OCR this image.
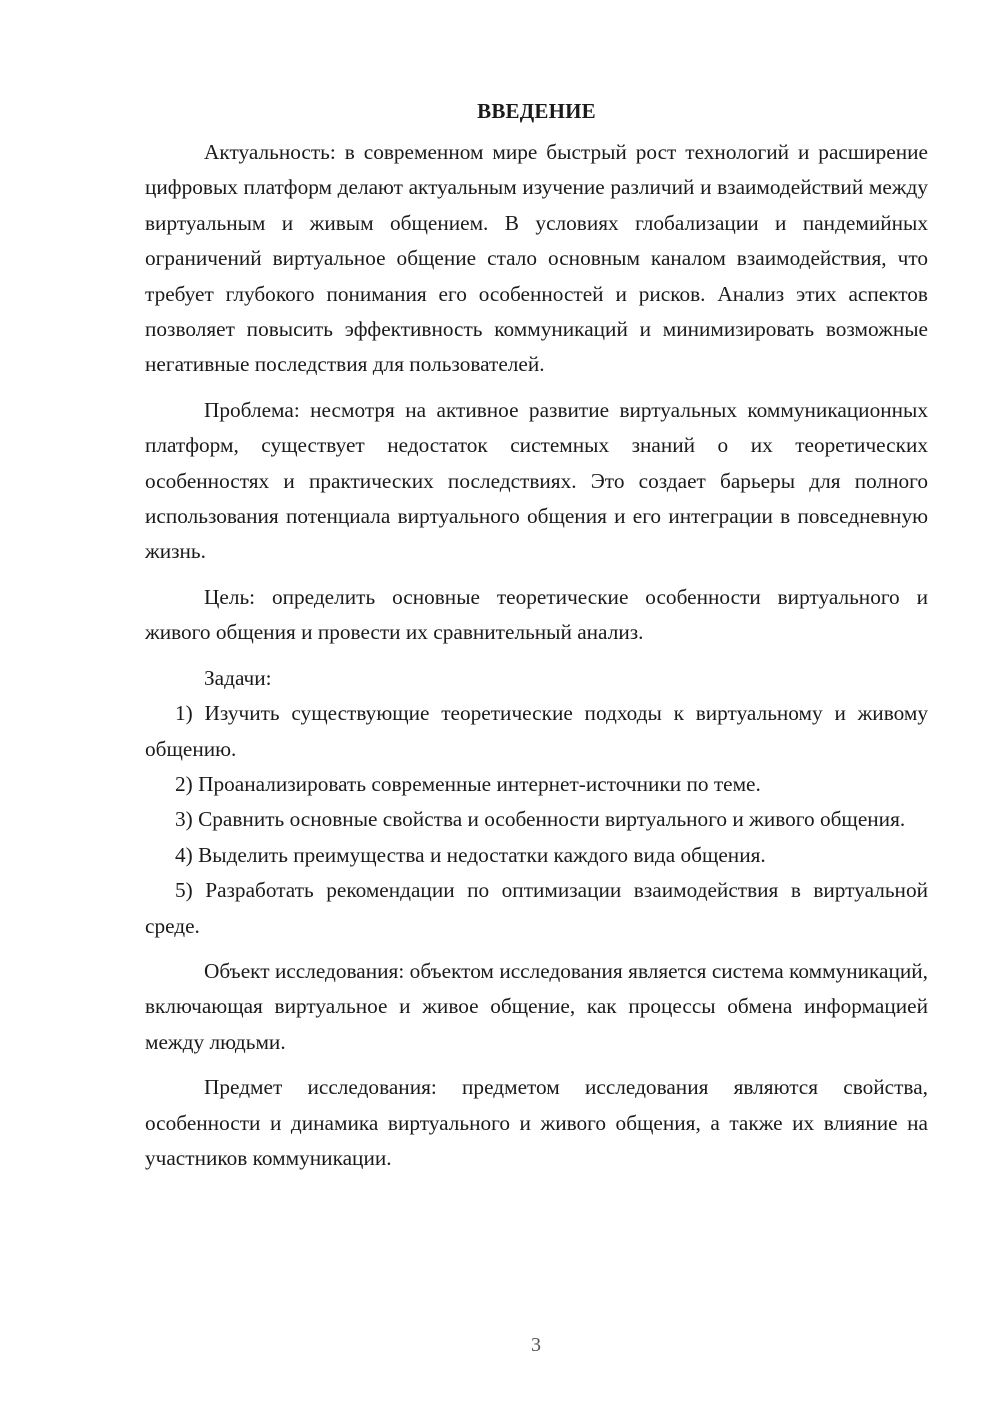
ВВЕДЕНИЕ

Актуальность: в современном мире быстрый рост технологий и расширение цифровых платформ делают актуальным изучение различий и взаимодействий между виртуальным и живым общением. В условиях глобализации и пандемийных ограничений виртуальное общение стало основным каналом взаимодействия, что требует глубокого понимания его особенностей и рисков. Анализ этих аспектов позволяет повысить эффективность коммуникаций и минимизировать возможные негативные последствия для пользователей.

Проблема: несмотря на активное развитие виртуальных коммуникационных платформ, существует недостаток системных знаний о их теоретических особенностях и практических последствиях. Это создает барьеры для полного использования потенциала виртуального общения и его интеграции в повседневную жизнь.

Цель: определить основные теоретические особенности виртуального и живого общения и провести их сравнительный анализ.

Задачи:

1) Изучить существующие теоретические подходы к виртуальному и живому общению.

2) Проанализировать современные интернет-источники по теме.

3) Сравнить основные свойства и особенности виртуального и живого общения.

4) Выделить преимущества и недостатки каждого вида общения.

5) Разработать рекомендации по оптимизации взаимодействия в виртуальной среде.

Объект исследования: объектом исследования является система коммуникаций, включающая виртуальное и живое общение, как процессы обмена информацией между людьми.

Предмет исследования: предметом исследования являются свойства, особенности и динамика виртуального и живого общения, а также их влияние на участников коммуникации.

3
